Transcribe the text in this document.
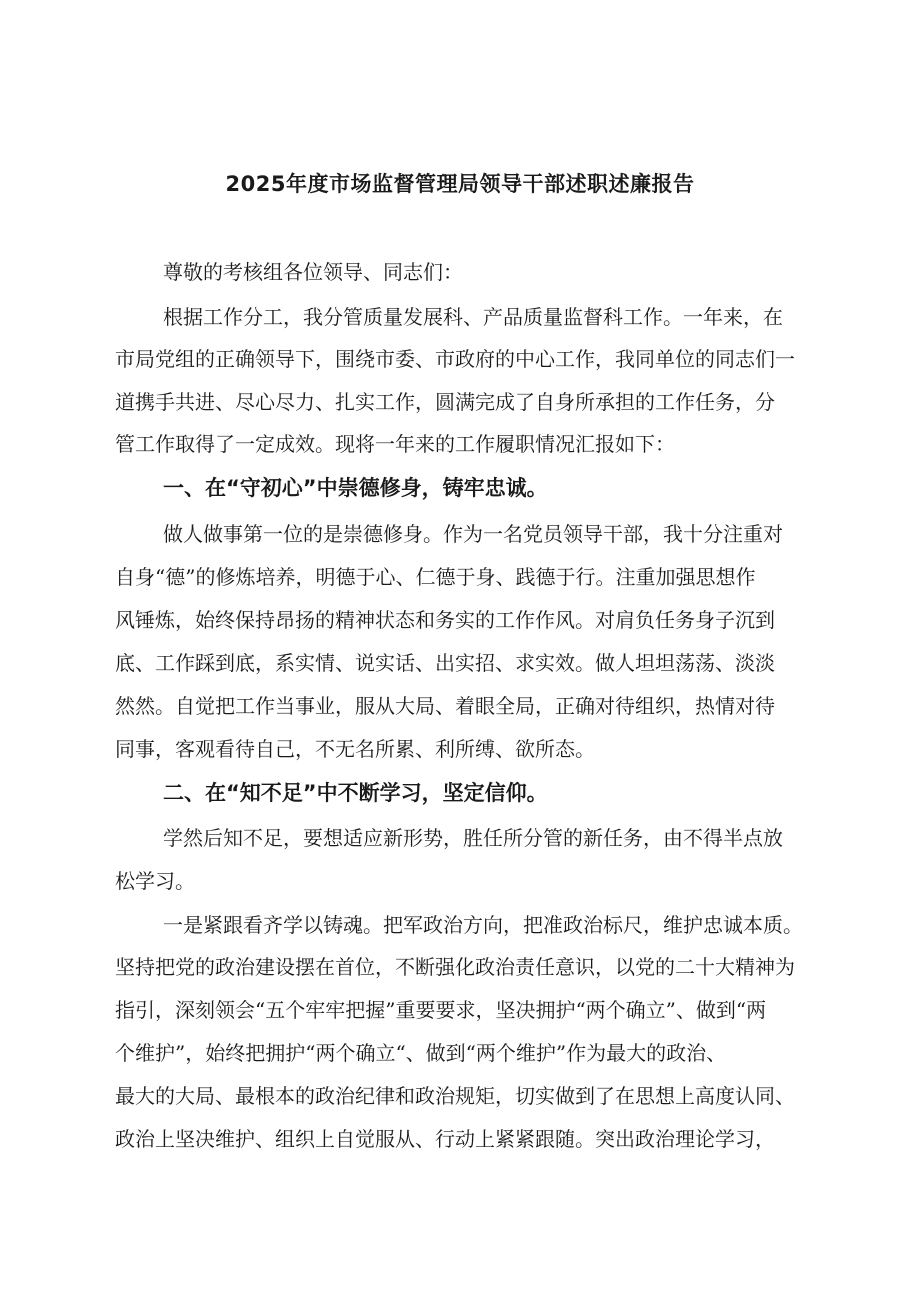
2025年度市场监督管理局领导干部述职述廉报告
尊敬的考核组各位领导、同志们：
根据工作分工，我分管质量发展科、产品质量监督科工作。一年来，在
市局党组的正确领导下，围绕市委、市政府的中心工作，我同单位的同志们一
道携手共进、尽心尽力、扎实工作，圆满完成了自身所承担的工作任务，分
管工作取得了一定成效。现将一年来的工作履职情况汇报如下：
一、在“守初心”中崇德修身，铸牢忠诚。
做人做事第一位的是崇德修身。作为一名党员领导干部，我十分注重对
自身“德”的修炼培养，明德于心、仁德于身、践德于行。注重加强思想作
风锤炼，始终保持昂扬的精神状态和务实的工作作风。对肩负任务身子沉到
底、工作踩到底，系实情、说实话、出实招、求实效。做人坦坦荡荡、淡淡
然然。自觉把工作当事业，服从大局、着眼全局，正确对待组织，热情对待
同事，客观看待自己，不无名所累、利所缚、欲所态。
二、在“知不足”中不断学习，坚定信仰。
学然后知不足，要想适应新形势，胜任所分管的新任务，由不得半点放
松学习。
一是紧跟看齐学以铸魂。把军政治方向，把准政治标尺，维护忠诚本质。
坚持把党的政治建设摆在首位，不断强化政治责任意识，以党的二十大精神为
指引，深刻领会“五个牢牢把握”重要要求，坚决拥护“两个确立”、做到“两
个维护”，始终把拥护“两个确立“、做到“两个维护”作为最大的政治、
最大的大局、最根本的政治纪律和政治规矩，切实做到了在思想上高度认同、
政治上坚决维护、组织上自觉服从、行动上紧紧跟随。突出政治理论学习，
